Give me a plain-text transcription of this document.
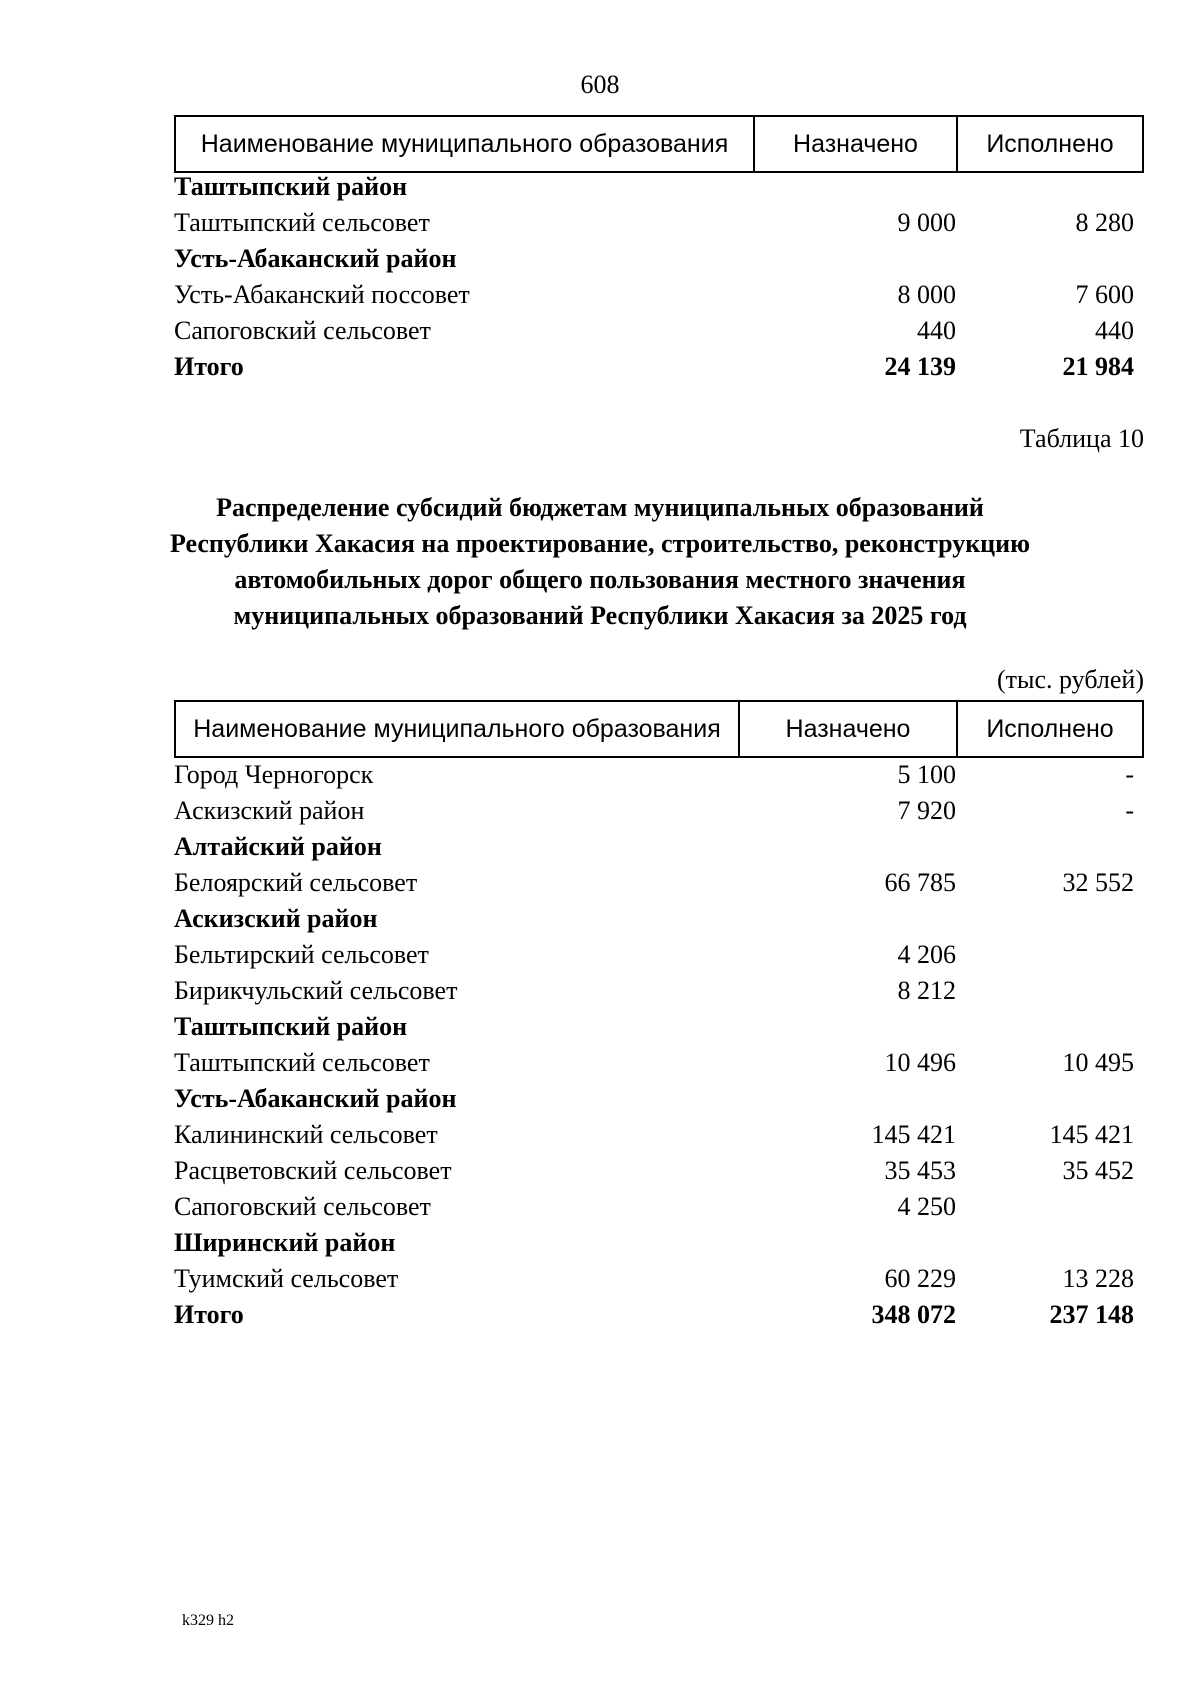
608
Наименование муниципального образования	Назначено	Исполнено
Таштыпский район
Таштыпский сельсовет	9 000	8 280
Усть-Абаканский район
Усть-Абаканский поссовет	8 000	7 600
Сапоговский сельсовет	440	440
Итого	24 139	21 984
Таблица 10
Распределение субсидий бюджетам муниципальных образований
Республики Хакасия на проектирование, строительство, реконструкцию
автомобильных дорог общего пользования местного значения
муниципальных образований Республики Хакасия за 2025 год
(тыс. рублей)
Наименование муниципального образования	Назначено	Исполнено
Город Черногорск	5 100	-
Аскизский район	7 920	-
Алтайский район
Белоярский сельсовет	66 785	32 552
Аскизский район
Бельтирский сельсовет	4 206
Бирикчульский сельсовет	8 212
Таштыпский район
Таштыпский сельсовет	10 496	10 495
Усть-Абаканский район
Калининский сельсовет	145 421	145 421
Расцветовский сельсовет	35 453	35 452
Сапоговский сельсовет	4 250
Ширинский район
Туимский сельсовет	60 229	13 228
Итого	348 072	237 148
k329 h2
